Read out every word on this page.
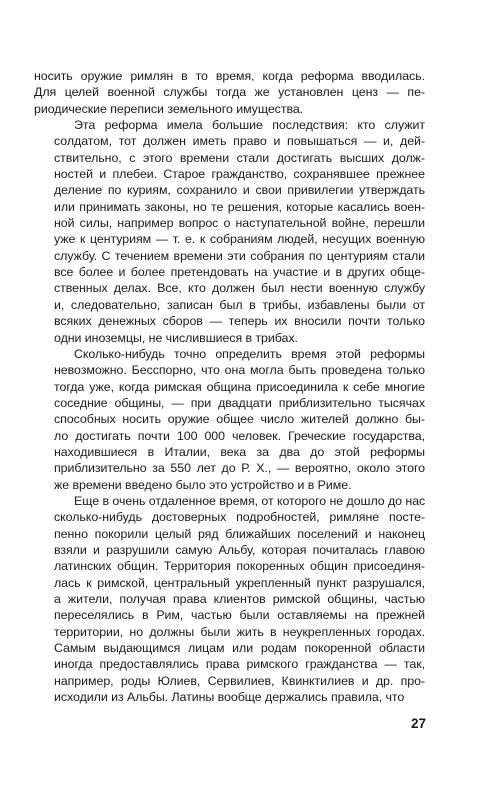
носить оружие римлян в то время, когда реформа вводилась.
Для целей военной службы тогда же установлен ценз — пе-
риодические переписи земельного имущества.
Эта реформа имела большие последствия: кто служит
солдатом, тот должен иметь право и повышаться — и, дей-
ствительно, с этого времени стали достигать высших долж-
ностей и плебеи. Старое гражданство, сохранявшее прежнее
деление по куриям, сохранило и свои привилегии утверждать
или принимать законы, но те решения, которые касались воен-
ной силы, например вопрос о наступательной войне, перешли
уже к центуриям — т. е. к собраниям людей, несущих военную
службу. С течением времени эти собрания по центуриям стали
все более и более претендовать на участие и в других обще-
ственных делах. Все, кто должен был нести военную службу
и, следовательно, записан был в трибы, избавлены были от
всяких денежных сборов — теперь их вносили почти только
одни иноземцы, не числившиеся в трибах.
Сколько-нибудь точно определить время этой реформы
невозможно. Бесспорно, что она могла быть проведена только
тогда уже, когда римская община присоединила к себе многие
соседние общины, — при двадцати приблизительно тысячах
способных носить оружие общее число жителей должно бы-
ло достигать почти 100 000 человек. Греческие государства,
находившиеся в Италии, века за два до этой реформы
приблизительно за 550 лет до Р. Х., — вероятно, около этого
же времени введено было это устройство и в Риме.
Еще в очень отдаленное время, от которого не дошло до нас
сколько-нибудь достоверных подробностей, римляне посте-
пенно покорили целый ряд ближайших поселений и наконец
взяли и разрушили самую Альбу, которая почиталась главою
латинских общин. Территория покоренных общин присоединя-
лась к римской, центральный укрепленный пункт разрушался,
а жители, получая права клиентов римской общины, частью
переселялись в Рим, частью были оставляемы на прежней
территории, но должны были жить в неукрепленных городах.
Самым выдающимся лицам или родам покоренной области
иногда предоставлялись права римского гражданства — так,
например, роды Юлиев, Сервилиев, Квинктилиев и др. про-
исходили из Альбы. Латины вообще держались правила, что
27
